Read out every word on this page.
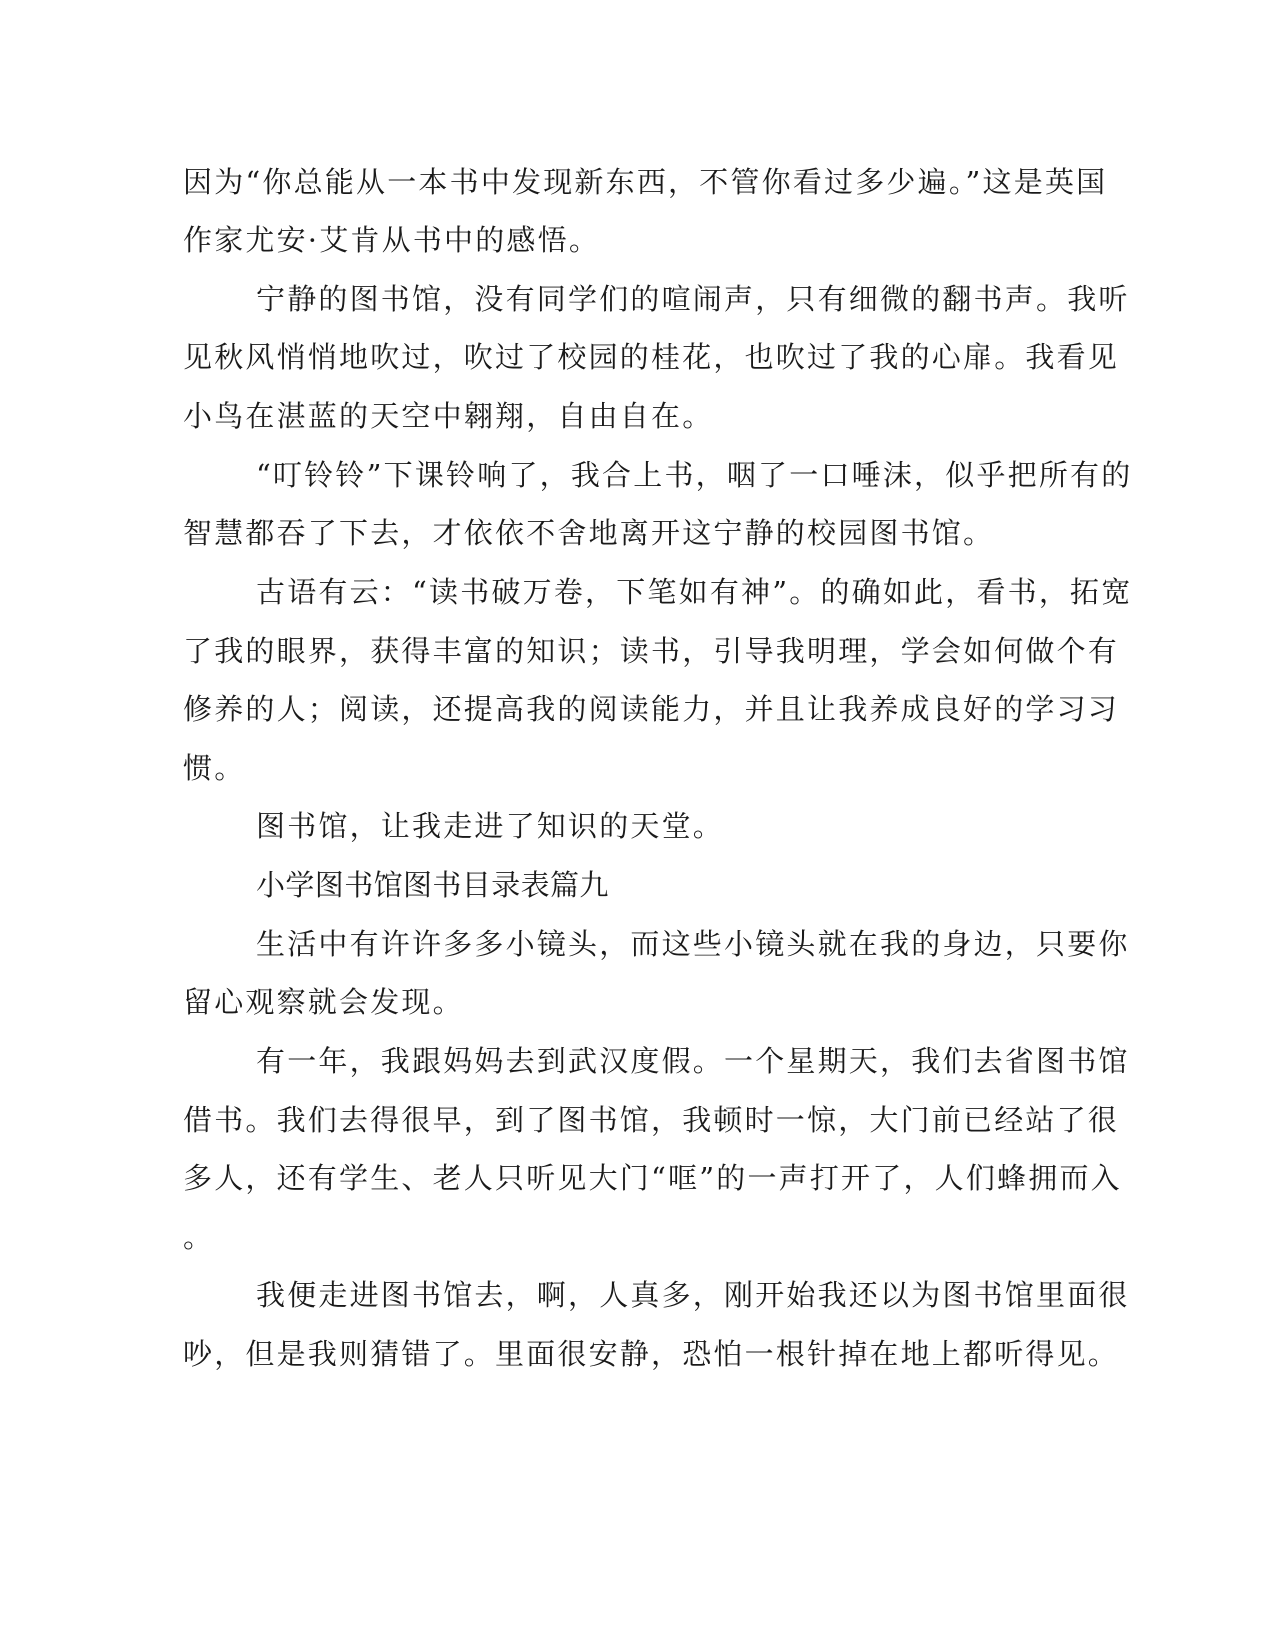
因为“你总能从一本书中发现新东西，不管你看过多少遍。”这是英国
作家尤安·艾肯从书中的感悟。
宁静的图书馆，没有同学们的喧闹声，只有细微的翻书声。我听
见秋风悄悄地吹过，吹过了校园的桂花，也吹过了我的心扉。我看见
小鸟在湛蓝的天空中翱翔，自由自在。
“叮铃铃”下课铃响了，我合上书，咽了一口唾沫，似乎把所有的
智慧都吞了下去，才依依不舍地离开这宁静的校园图书馆。
古语有云：“读书破万卷，下笔如有神”。的确如此，看书，拓宽
了我的眼界，获得丰富的知识；读书，引导我明理，学会如何做个有
修养的人；阅读，还提高我的阅读能力，并且让我养成良好的学习习
惯。
图书馆，让我走进了知识的天堂。
小学图书馆图书目录表篇九
生活中有许许多多小镜头，而这些小镜头就在我的身边，只要你
留心观察就会发现。
有一年，我跟妈妈去到武汉度假。一个星期天，我们去省图书馆
借书。我们去得很早，到了图书馆，我顿时一惊，大门前已经站了很
多人，还有学生、老人只听见大门“哐”的一声打开了，人们蜂拥而入
。
我便走进图书馆去，啊，人真多，刚开始我还以为图书馆里面很
吵，但是我则猜错了。里面很安静，恐怕一根针掉在地上都听得见。
